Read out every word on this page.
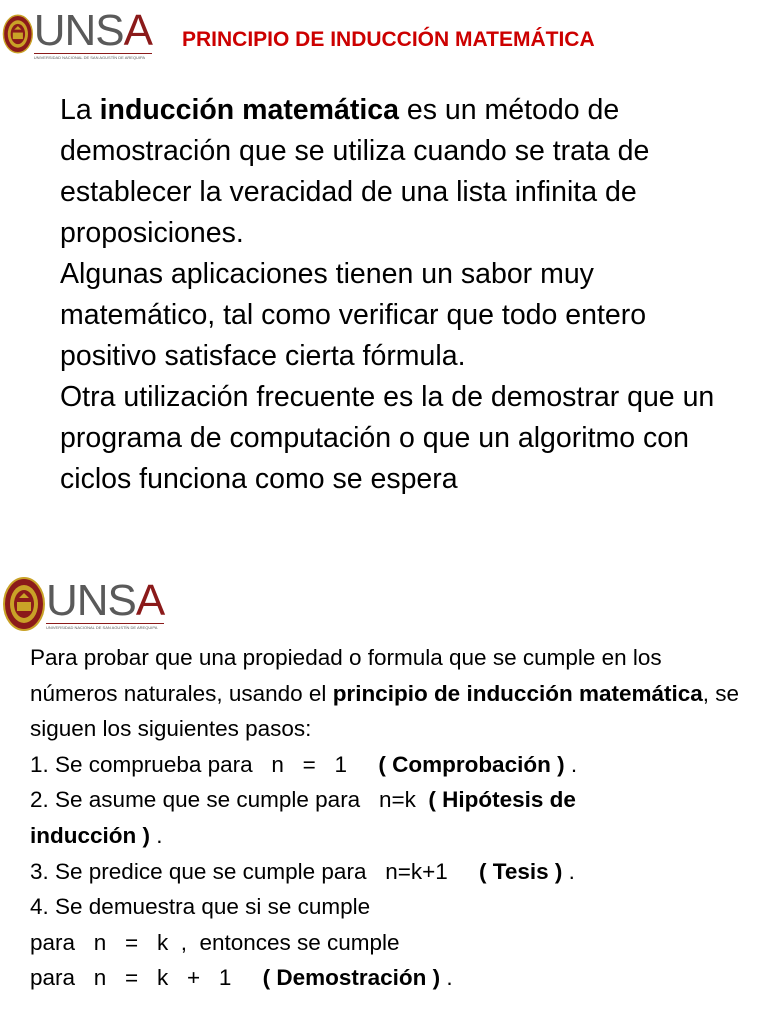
UNSA
UNIVERSIDAD NACIONAL DE SAN AGUSTÍN DE AREQUIPA
PRINCIPIO DE INDUCCIÓN MATEMÁTICA

La inducción matemática es un método de demostración que se utiliza cuando se trata de establecer la veracidad de una lista infinita de proposiciones.

Algunas aplicaciones tienen un sabor muy matemático, tal como verificar que todo entero positivo satisface cierta fórmula.

Otra utilización frecuente es la de demostrar que un programa de computación o que un algoritmo con ciclos funciona como se espera

UNSA
UNIVERSIDAD NACIONAL DE SAN AGUSTÍN DE AREQUIPA

Para probar que una propiedad o formula que se cumple en los números naturales, usando el principio de inducción matemática, se siguen los siguientes pasos:

1. Se comprueba para   n   =   1     ( Comprobación ) .

2. Se asume que se cumple para   n=k  ( Hipótesis de

inducción ) .

3. Se predice que se cumple para   n=k+1     ( Tesis ) .

4. Se demuestra que si se cumple

para   n   =   k  ,  entonces se cumple

para   n   =   k   +   1     ( Demostración ) .
